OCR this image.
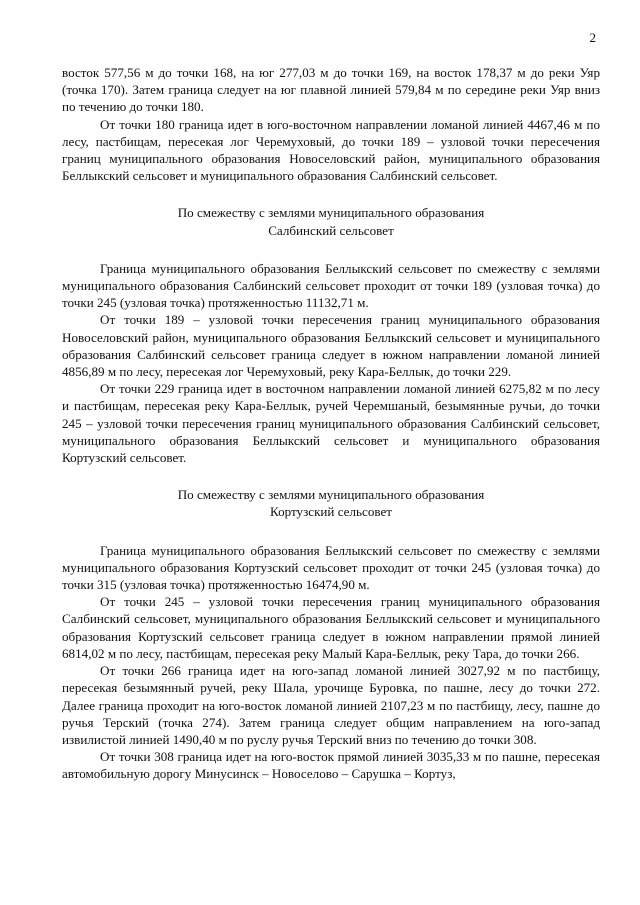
2

восток 577,56 м до точки 168, на юг 277,03 м до точки 169, на восток 178,37 м до реки Уяр (точка 170). Затем граница следует на юг плавной линией 579,84 м по середине реки Уяр вниз по течению до точки 180.

От точки 180 граница идет в юго-восточном направлении ломаной линией 4467,46 м по лесу, пастбищам, пересекая лог Черемуховый, до точки 189 – узловой точки пересечения границ муниципального образования Новоселовский район, муниципального образования Беллыкский сельсовет и муниципального образования Салбинский сельсовет.

По смежеству с землями муниципального образования
Салбинский сельсовет

Граница муниципального образования Беллыкский сельсовет по смежеству с землями муниципального образования Салбинский сельсовет проходит от точки 189 (узловая точка) до точки 245 (узловая точка) протяженностью 11132,71 м.

От точки 189 – узловой точки пересечения границ муниципального образования Новоселовский район, муниципального образования Беллыкский сельсовет и муниципального образования Салбинский сельсовет граница следует в южном направлении ломаной линией 4856,89 м по лесу, пересекая лог Черемуховый, реку Кара-Беллык, до точки 229.

От точки 229 граница идет в восточном направлении ломаной линией 6275,82 м по лесу и пастбищам, пересекая реку Кара-Беллык, ручей Черемшаный, безымянные ручьи, до точки 245 – узловой точки пересечения границ муниципального образования Салбинский сельсовет, муниципального образования Беллыкский сельсовет и муниципального образования Кортузский сельсовет.

По смежеству с землями муниципального образования
Кортузский сельсовет

Граница муниципального образования Беллыкский сельсовет по смежеству с землями муниципального образования Кортузский сельсовет проходит от точки 245 (узловая точка) до точки 315 (узловая точка) протяженностью 16474,90 м.

От точки 245 – узловой точки пересечения границ муниципального образования Салбинский сельсовет, муниципального образования Беллыкский сельсовет и муниципального образования Кортузский сельсовет граница следует в южном направлении прямой линией 6814,02 м по лесу, пастбищам, пересекая реку Малый Кара-Беллык, реку Тара, до точки 266.

От точки 266 граница идет на юго-запад ломаной линией 3027,92 м по пастбищу, пересекая безымянный ручей, реку Шала, урочище Буровка, по пашне, лесу до точки 272. Далее граница проходит на юго-восток ломаной линией 2107,23 м по пастбищу, лесу, пашне до ручья Терский (точка 274). Затем граница следует общим направлением на юго-запад извилистой линией 1490,40 м по руслу ручья Терский вниз по течению до точки 308.

От точки 308 граница идет на юго-восток прямой линией 3035,33 м по пашне, пересекая автомобильную дорогу Минусинск – Новоселово – Сарушка – Кортуз,
